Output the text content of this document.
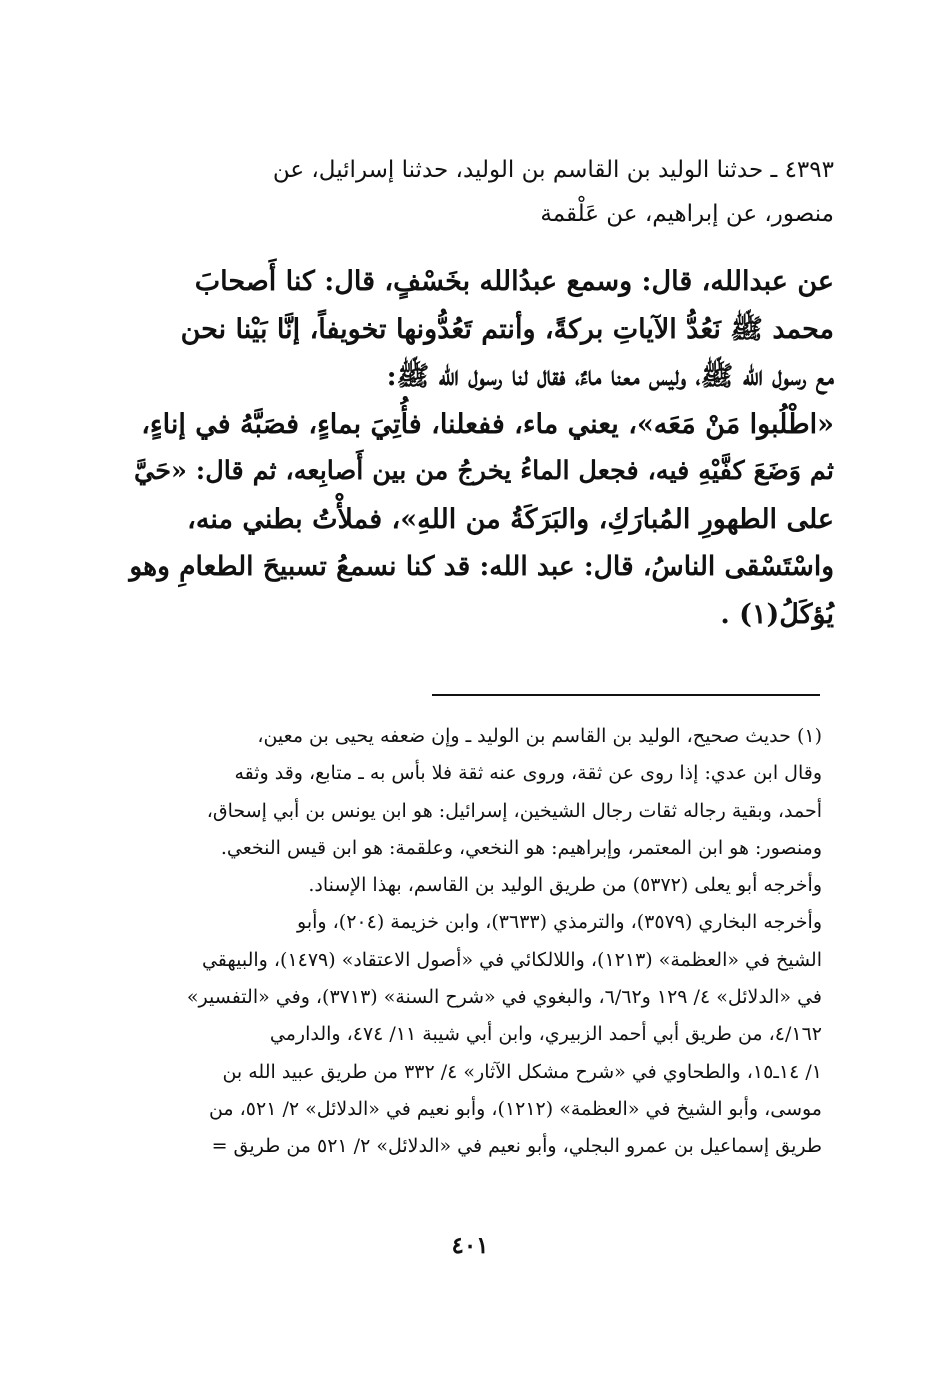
٤٣٩٣ ـ حدثنا الوليد بن القاسم بن الوليد، حدثنا إسرائيل، عن
منصور، عن إبراهيم، عن عَلْقمة
عن عبدالله، قال: وسمع عبدُالله بخَسْفٍ، قال: كنا أَصحابَ
محمد ﷺ نَعُدُّ الآياتِ بركةً، وأنتم تَعُدُّونها تخويفاً، إنَّا بَيْنا نحن
مع رسول الله ﷺ، وليس معنا ماءٌ، فقال لنا رسول الله ﷺ:
«اطْلُبوا مَنْ مَعَه»، يعني ماء، ففعلنا، فأُتِيَ بماءٍ، فصَبَّهُ في إناءٍ،
ثم وَضَعَ كفَّيْهِ فيه، فجعل الماءُ يخرجُ من بين أَصابِعه، ثم قال: «حَيَّ
على الطهورِ المُبارَكِ، والبَرَكَةُ من اللهِ»، فملأْتُ بطني منه،
واسْتَسْقى الناسُ، قال: عبد الله: قد كنا نسمعُ تسبيحَ الطعامِ وهو
يُؤكَلُ(١) .
(١) حديث صحيح، الوليد بن القاسم بن الوليد ـ وإن ضعفه يحيى بن معين،
وقال ابن عدي: إذا روى عن ثقة، وروى عنه ثقة فلا بأس به ـ متابع، وقد وثقه
أحمد، وبقية رجاله ثقات رجال الشيخين، إسرائيل: هو ابن يونس بن أبي إسحاق،
ومنصور: هو ابن المعتمر، وإبراهيم: هو النخعي، وعلقمة: هو ابن قيس النخعي.
وأخرجه أبو يعلى (٥٣٧٢) من طريق الوليد بن القاسم، بهذا الإسناد.
وأخرجه البخاري (٣٥٧٩)، والترمذي (٣٦٣٣)، وابن خزيمة (٢٠٤)، وأبو
الشيخ في «العظمة» (١٢١٣)، واللالكائي في «أصول الاعتقاد» (١٤٧٩)، والبيهقي
في «الدلائل» ٤/ ١٢٩ و٦/٦٢، والبغوي في «شرح السنة» (٣٧١٣)، وفي «التفسير»
٤/١٦٢، من طريق أبي أحمد الزبيري، وابن أبي شيبة ١١/ ٤٧٤، والدارمي
١/ ١٤ـ١٥، والطحاوي في «شرح مشكل الآثار» ٤/ ٣٣٢ من طريق عبيد الله بن
موسى، وأبو الشيخ في «العظمة» (١٢١٢)، وأبو نعيم في «الدلائل» ٢/ ٥٢١، من
طريق إسماعيل بن عمرو البجلي، وأبو نعيم في «الدلائل» ٢/ ٥٢١ من طريق =
٤٠١
